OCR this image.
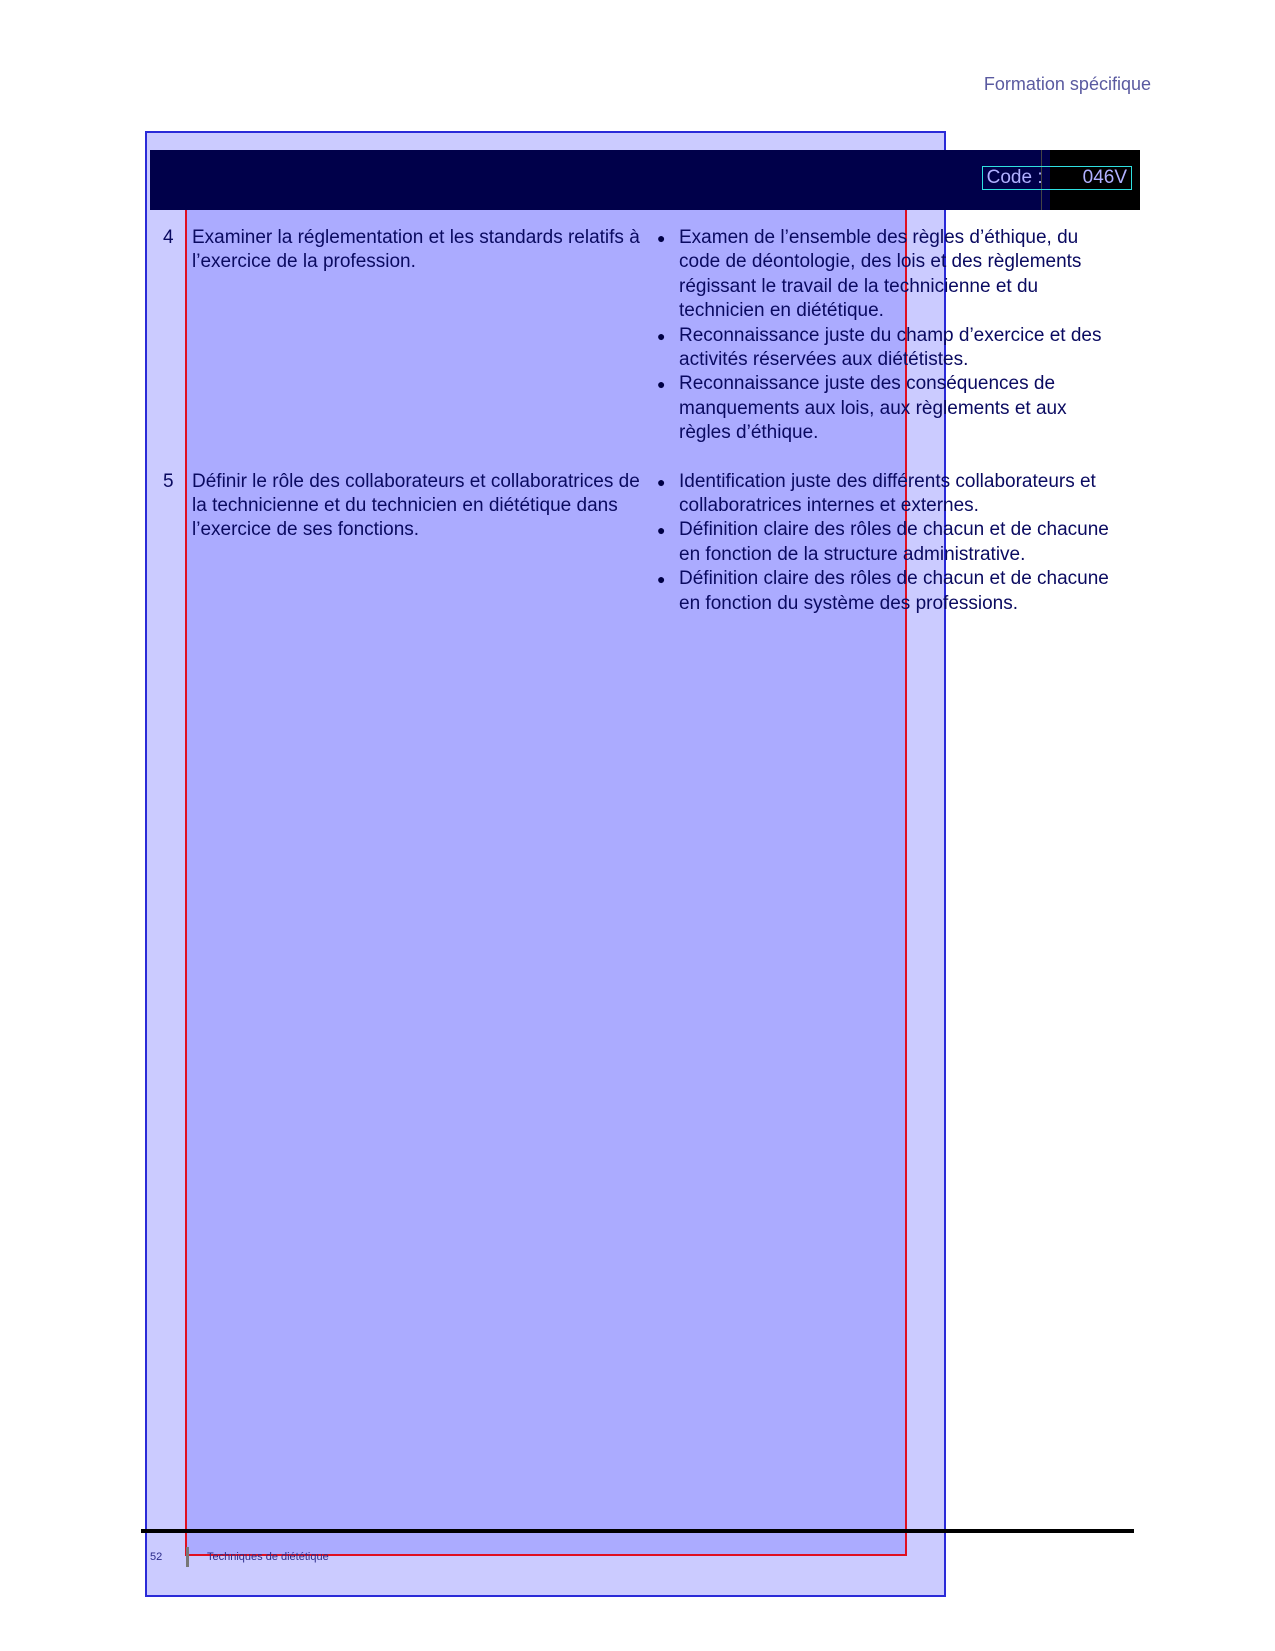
Formation spécifique
Code : 046V
4 Examiner la réglementation et les standards relatifs à l’exercice de la profession.
● Examen de l’ensemble des règles d’éthique, du code de déontologie, des lois et des règlements régissant le travail de la technicienne et du technicien en diététique.
● Reconnaissance juste du champ d’exercice et des activités réservées aux diététistes.
● Reconnaissance juste des conséquences de manquements aux lois, aux règlements et aux règles d’éthique.
5 Définir le rôle des collaborateurs et collaboratrices de la technicienne et du technicien en diététique dans l’exercice de ses fonctions.
● Identification juste des différents collaborateurs et collaboratrices internes et externes.
● Définition claire des rôles de chacun et de chacune en fonction de la structure administrative.
● Définition claire des rôles de chacun et de chacune en fonction du système des professions.
52	Techniques de diététique
